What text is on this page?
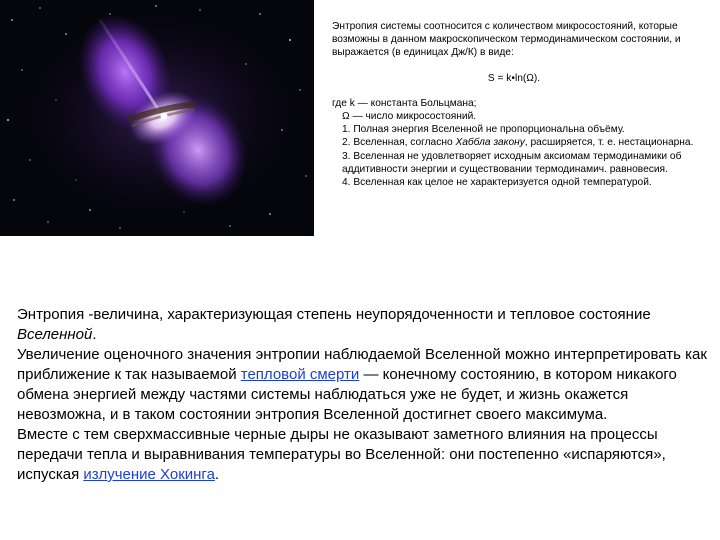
Энтропия системы соотносится с количеством микросостояний, которые возможны в данном макроскопическом термодинамическом состоянии, и выражается (в единицах Дж/К) в виде:

S = k•ln(Ω).

где k — константа Больцмана;

Ω — число микросостояний.

1. Полная энергия Вселенной не пропорциональна объёму.

2. Вселенная, согласно Хабблa закону, расширяется, т. е. нестационарна.

3. Вселенная не удовлетворяет исходным аксиомам термодинамики об аддитивности энергии и существовании термодинамич. равновесия.

4. Вселенная как целое не характеризуется одной температурой.

Энтропия -величина, характеризующая степень неупорядоченности и тепловое состояние Вселенной.

Увеличение оценочного значения энтропии наблюдаемой Вселенной можно интерпретировать как приближение к так называемой тепловой смерти — конечному состоянию, в котором никакого обмена энергией между частями системы наблюдаться уже не будет, и жизнь окажется невозможна, и в таком состоянии энтропия Вселенной достигнет своего максимума.

Вместе с тем сверхмассивные черные дыры не оказывают заметного влияния на процессы передачи тепла и выравнивания температуры во Вселенной: они постепенно «испаряются», испуская излучение Хокинга.
